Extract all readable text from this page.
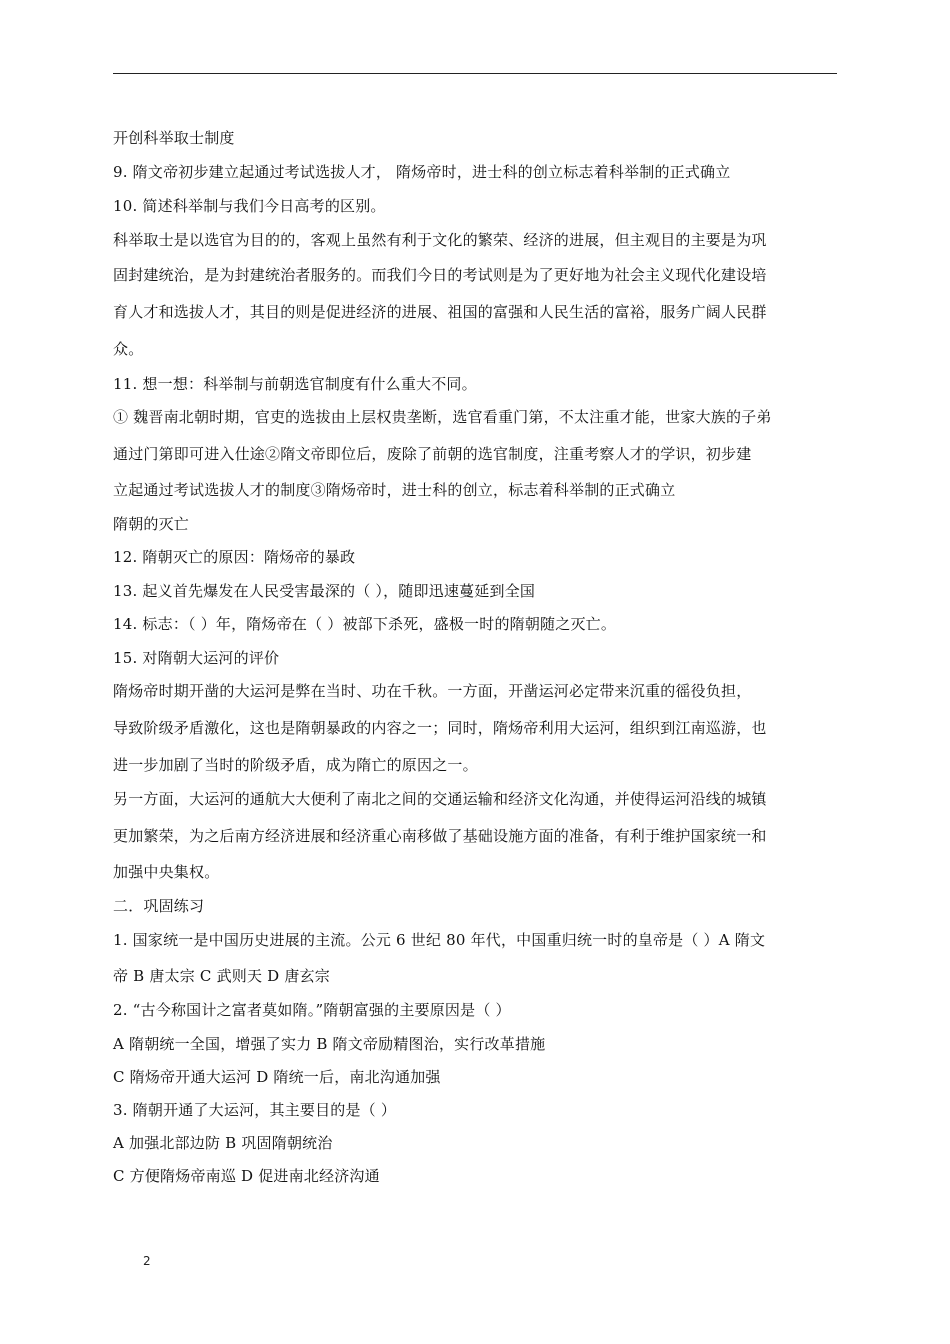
开创科举取士制度
9. 隋文帝初步建立起通过考试选拔人才， 隋炀帝时，进士科的创立标志着科举制的正式确立
10. 简述科举制与我们今日高考的区别。
科举取士是以选官为目的的，客观上虽然有利于文化的繁荣、经济的进展，但主观目的主要是为巩
固封建统治，是为封建统治者服务的。而我们今日的考试则是为了更好地为社会主义现代化建设培
育人才和选拔人才，其目的则是促进经济的进展、祖国的富强和人民生活的富裕，服务广阔人民群
众。
11. 想一想：科举制与前朝选官制度有什么重大不同。
① 魏晋南北朝时期，官吏的选拔由上层权贵垄断，选官看重门第，不太注重才能，世家大族的子弟
通过门第即可进入仕途②隋文帝即位后，废除了前朝的选官制度，注重考察人才的学识，初步建
立起通过考试选拔人才的制度③隋炀帝时，进士科的创立，标志着科举制的正式确立
隋朝的灭亡
12. 隋朝灭亡的原因：隋炀帝的暴政
13. 起义首先爆发在人民受害最深的（ ），随即迅速蔓延到全国
14. 标志：（ ）年，隋炀帝在（ ）被部下杀死，盛极一时的隋朝随之灭亡。
15. 对隋朝大运河的评价
隋炀帝时期开凿的大运河是弊在当时、功在千秋。一方面，开凿运河必定带来沉重的徭役负担，
导致阶级矛盾激化，这也是隋朝暴政的内容之一；同时，隋炀帝利用大运河，组织到江南巡游，也
进一步加剧了当时的阶级矛盾，成为隋亡的原因之一。
另一方面，大运河的通航大大便利了南北之间的交通运输和经济文化沟通，并使得运河沿线的城镇
更加繁荣，为之后南方经济进展和经济重心南移做了基础设施方面的准备，有利于维护国家统一和
加强中央集权。
二．巩固练习
1. 国家统一是中国历史进展的主流。公元 6 世纪 80 年代，中国重归统一时的皇帝是（ ）A 隋文
帝 B 唐太宗 C 武则天 D 唐玄宗
2. “古今称国计之富者莫如隋。”隋朝富强的主要原因是（ ）
A 隋朝统一全国，增强了实力 B 隋文帝励精图治，实行改革措施
C 隋炀帝开通大运河 D 隋统一后，南北沟通加强
3. 隋朝开通了大运河，其主要目的是（ ）
A 加强北部边防 B 巩固隋朝统治
C 方便隋炀帝南巡 D 促进南北经济沟通
2
